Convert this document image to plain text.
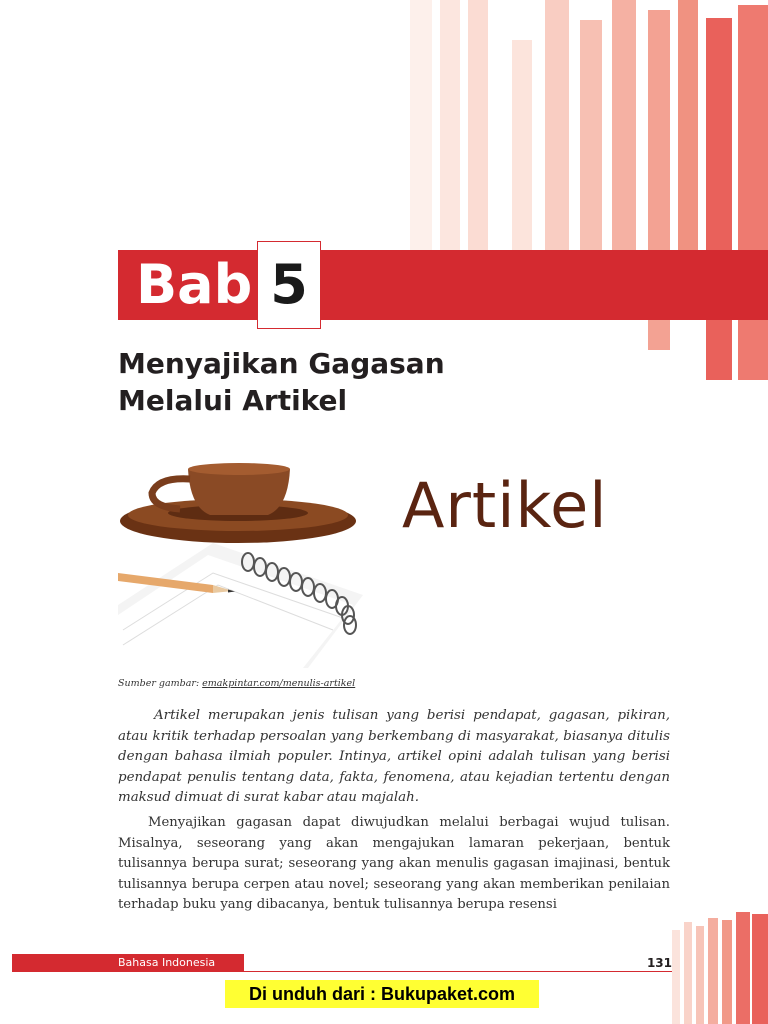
Bab 5
Menyajikan Gagasan
Melalui Artikel
Artikel
Sumber gambar: emakpintar.com/menulis-artikel

Artikel merupakan jenis tulisan yang berisi pendapat, gagasan, pikiran, atau kritik terhadap persoalan yang berkembang di masyarakat, biasanya ditulis dengan bahasa ilmiah populer. Intinya, artikel opini adalah tulisan yang berisi pendapat penulis tentang data, fakta, fenomena, atau kejadian tertentu dengan maksud dimuat di surat kabar atau majalah.

Menyajikan gagasan dapat diwujudkan melalui berbagai wujud tulisan. Misalnya, seseorang yang akan mengajukan lamaran pekerjaan, bentuk tulisannya berupa surat; seseorang yang akan menulis gagasan imajinasi, bentuk tulisannya berupa cerpen atau novel; seseorang yang akan memberikan penilaian terhadap buku yang dibacanya, bentuk tulisannya berupa resensi

Bahasa Indonesia	131
Di unduh dari : Bukupaket.com
